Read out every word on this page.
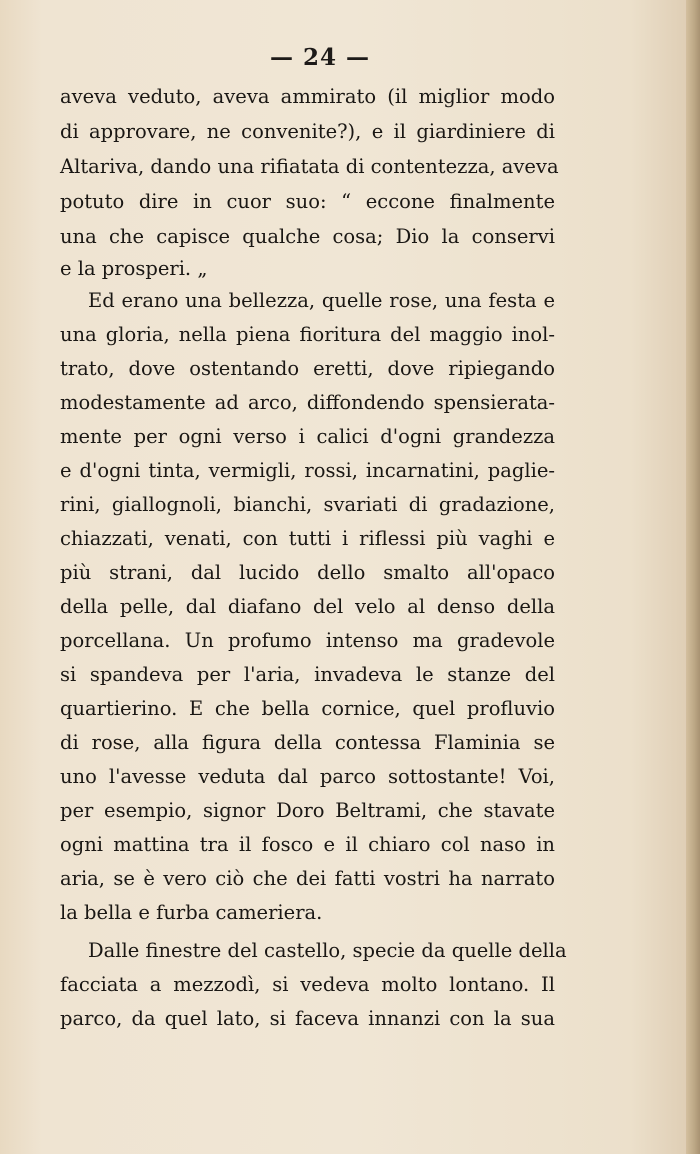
— 24 —
aveva veduto, aveva ammirato (il miglior modo
di approvare, ne convenite?), e il giardiniere di
Altariva, dando una rifiatata di contentezza, aveva
potuto dire in cuor suo: “ eccone finalmente
una che capisce qualche cosa; Dio la conservi
e la prosperi. „
Ed erano una bellezza, quelle rose, una festa e
una gloria, nella piena fioritura del maggio inol-
trato, dove ostentando eretti, dove ripiegando
modestamente ad arco, diffondendo spensierata-
mente per ogni verso i calici d'ogni grandezza
e d'ogni tinta, vermigli, rossi, incarnatini, paglie-
rini, giallognoli, bianchi, svariati di gradazione,
chiazzati, venati, con tutti i riflessi più vaghi e
più strani, dal lucido dello smalto all'opaco
della pelle, dal diafano del velo al denso della
porcellana. Un profumo intenso ma gradevole
si spandeva per l'aria, invadeva le stanze del
quartierino. E che bella cornice, quel profluvio
di rose, alla figura della contessa Flaminia se
uno l'avesse veduta dal parco sottostante! Voi,
per esempio, signor Doro Beltrami, che stavate
ogni mattina tra il fosco e il chiaro col naso in
aria, se è vero ciò che dei fatti vostri ha narrato
la bella e furba cameriera.
Dalle finestre del castello, specie da quelle della
facciata a mezzodì, si vedeva molto lontano. Il
parco, da quel lato, si faceva innanzi con la sua
